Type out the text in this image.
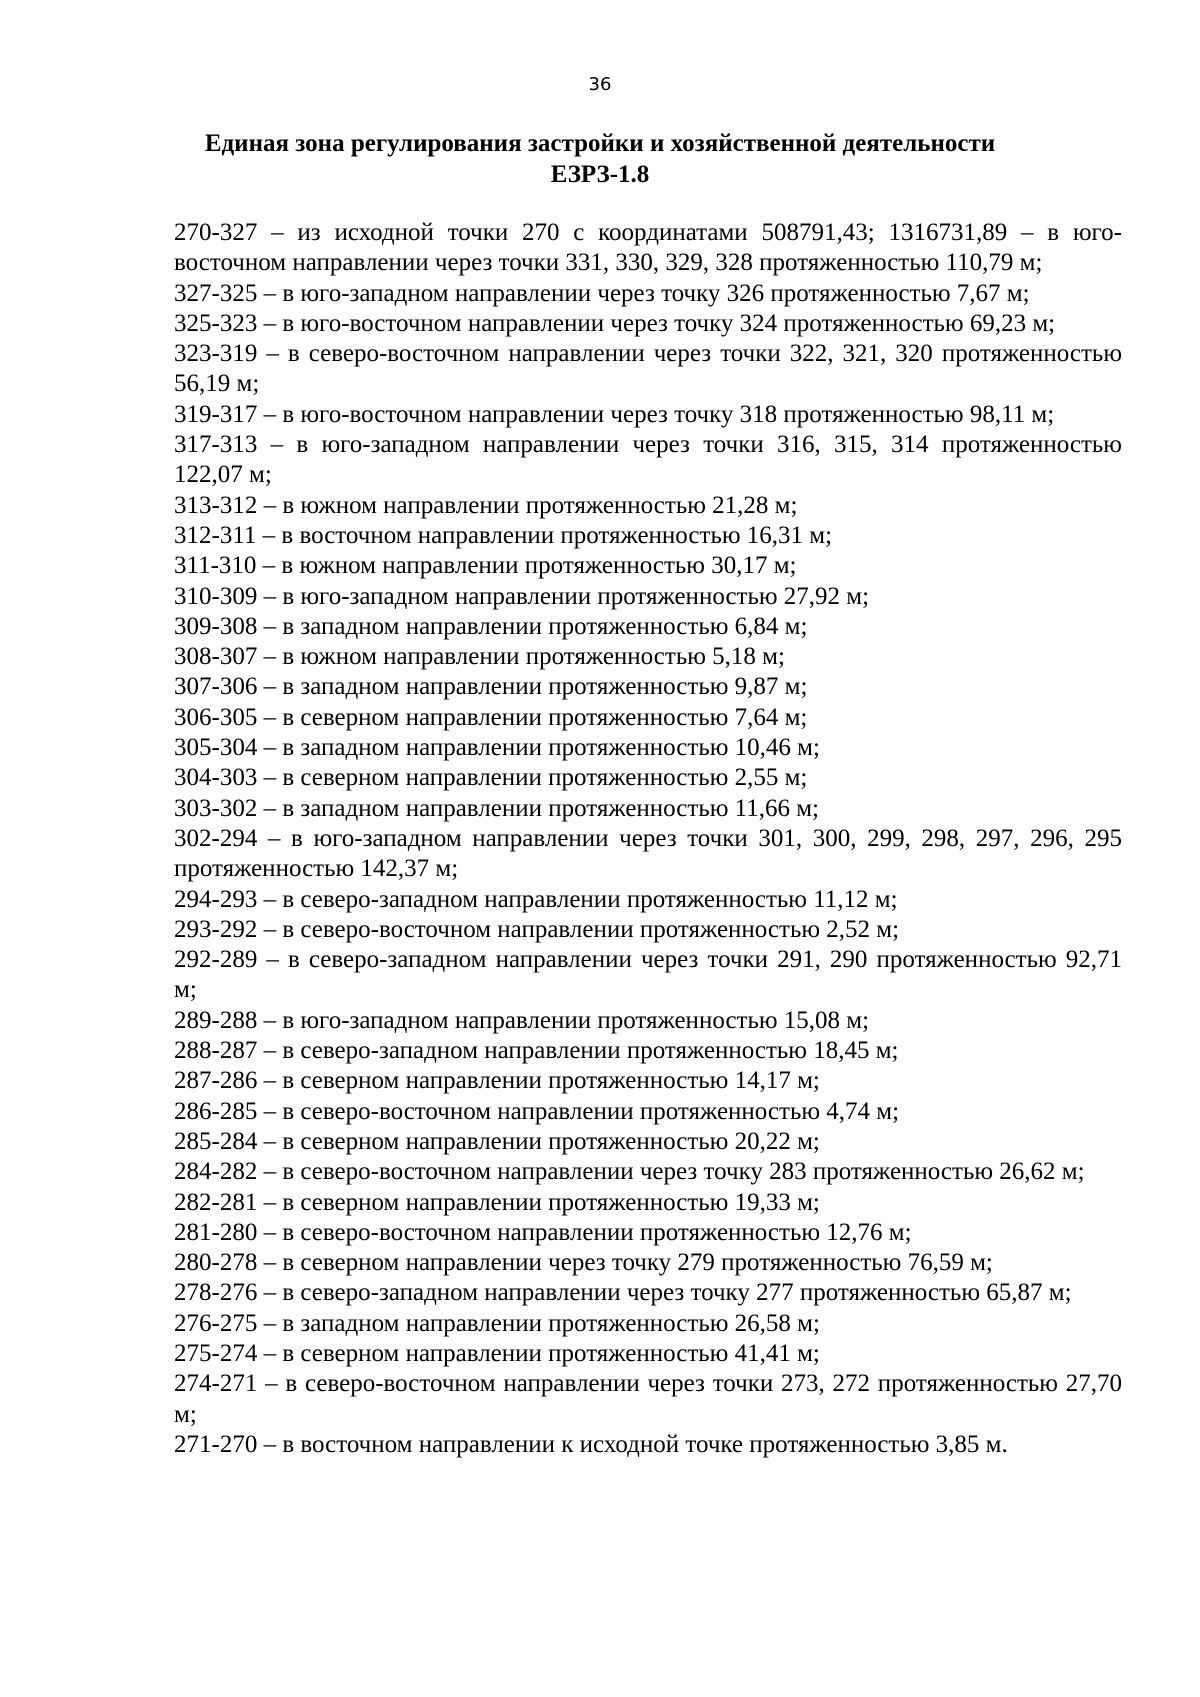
36
Единая зона регулирования застройки и хозяйственной деятельности
ЕЗРЗ-1.8
270-327 – из исходной точки 270 с координатами 508791,43; 1316731,89 – в юго-восточном направлении через точки 331, 330, 329, 328 протяженностью 110,79 м;
327-325 – в юго-западном направлении через точку 326 протяженностью 7,67 м;
325-323 – в юго-восточном направлении через точку 324 протяженностью 69,23 м;
323-319 – в северо-восточном направлении через точки 322, 321, 320 протяженностью 56,19 м;
319-317 – в юго-восточном направлении через точку 318 протяженностью 98,11 м;
317-313 – в юго-западном направлении через точки 316, 315, 314 протяженностью 122,07 м;
313-312 – в южном направлении протяженностью 21,28 м;
312-311 – в восточном направлении протяженностью 16,31 м;
311-310 – в южном направлении протяженностью 30,17 м;
310-309 – в юго-западном направлении протяженностью 27,92 м;
309-308 – в западном направлении протяженностью 6,84 м;
308-307 – в южном направлении протяженностью 5,18 м;
307-306 – в западном направлении протяженностью 9,87 м;
306-305 – в северном направлении протяженностью 7,64 м;
305-304 – в западном направлении протяженностью 10,46 м;
304-303 – в северном направлении протяженностью 2,55 м;
303-302 – в западном направлении протяженностью 11,66 м;
302-294 – в юго-западном направлении через точки 301, 300, 299, 298, 297, 296, 295 протяженностью 142,37 м;
294-293 – в северо-западном направлении протяженностью 11,12 м;
293-292 – в северо-восточном направлении протяженностью 2,52 м;
292-289 – в северо-западном направлении через точки 291, 290 протяженностью 92,71 м;
289-288 – в юго-западном направлении протяженностью 15,08 м;
288-287 – в северо-западном направлении протяженностью 18,45 м;
287-286 – в северном направлении протяженностью 14,17 м;
286-285 – в северо-восточном направлении протяженностью 4,74 м;
285-284 – в северном направлении протяженностью 20,22 м;
284-282 – в северо-восточном направлении через точку 283 протяженностью 26,62 м;
282-281 – в северном направлении протяженностью 19,33 м;
281-280 – в северо-восточном направлении протяженностью 12,76 м;
280-278 – в северном направлении через точку 279 протяженностью 76,59 м;
278-276 – в северо-западном направлении через точку 277 протяженностью 65,87 м;
276-275 – в западном направлении протяженностью 26,58 м;
275-274 – в северном направлении протяженностью 41,41 м;
274-271 – в северо-восточном направлении через точки 273, 272 протяженностью 27,70 м;
271-270 – в восточном направлении к исходной точке протяженностью 3,85 м.
